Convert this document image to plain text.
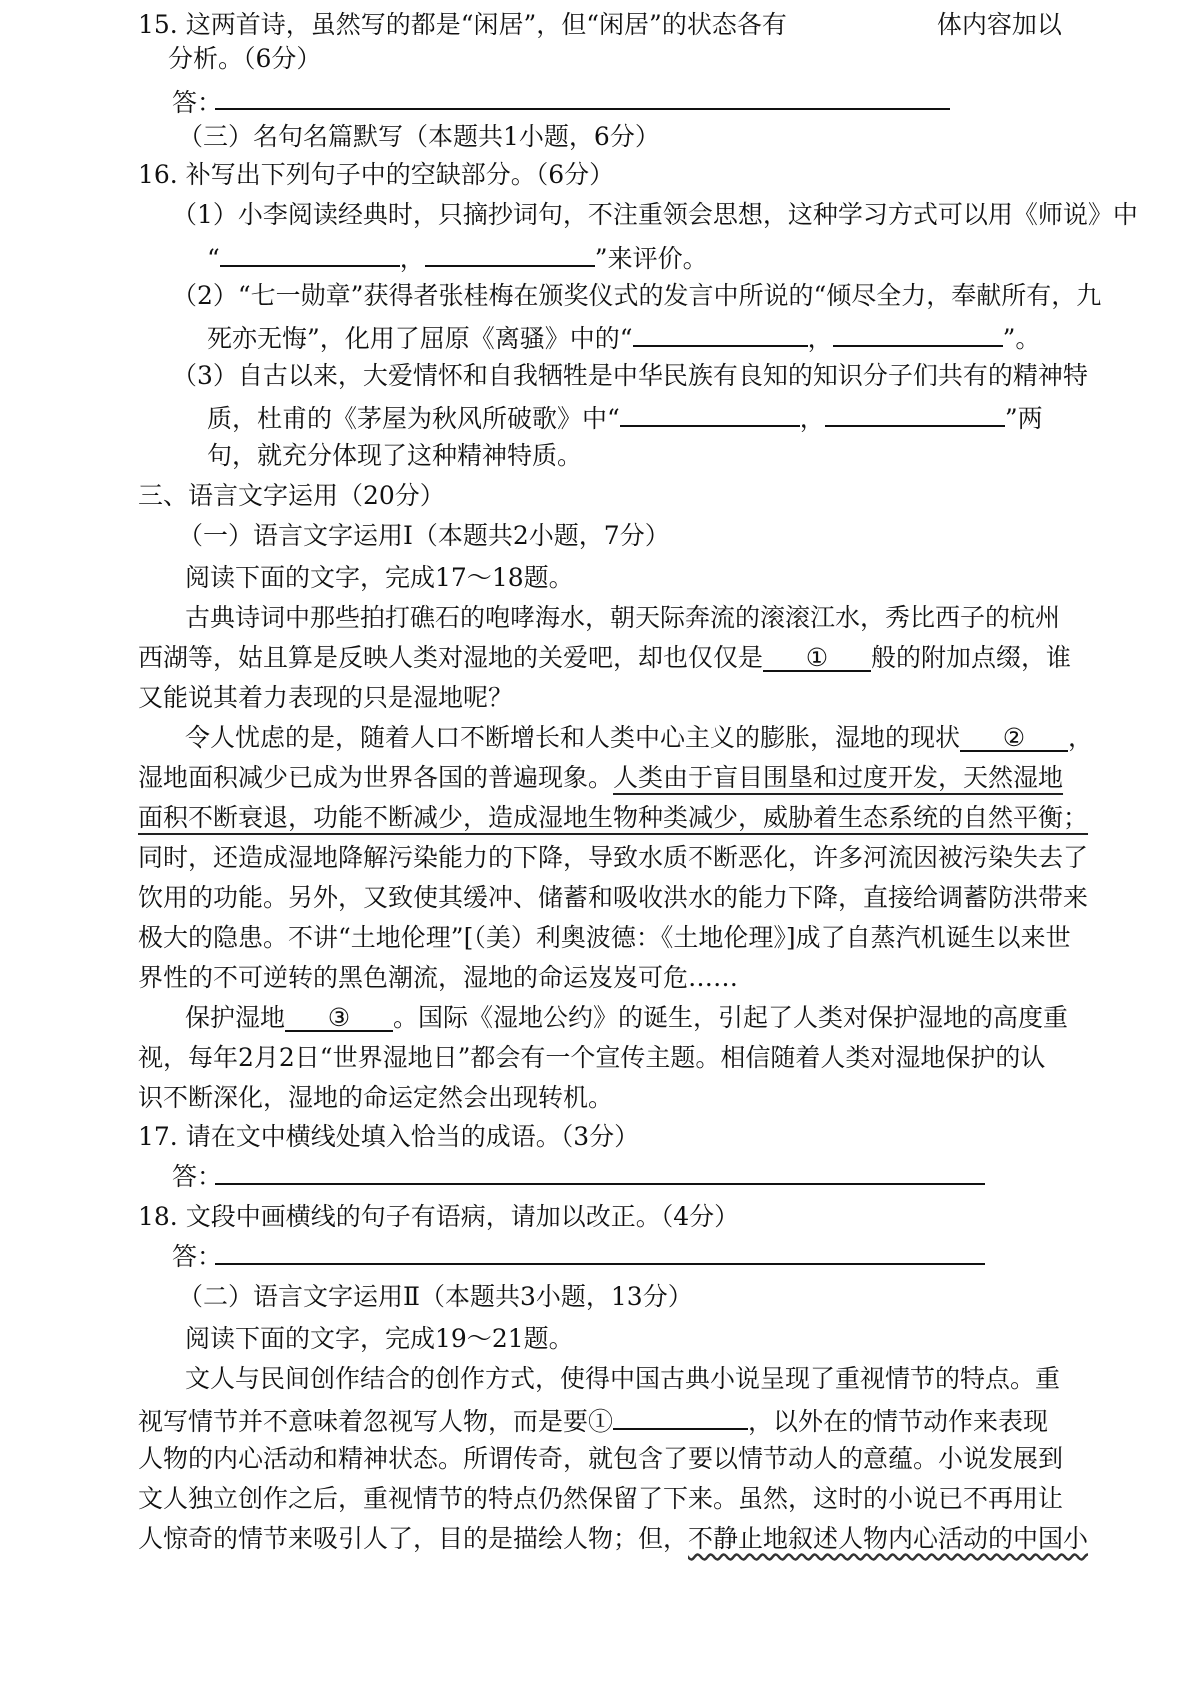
15. 这两首诗，虽然写的都是“闲居”，但“闲居”的状态各有	体内容加以
分析。（6分）
答：
（三）名句名篇默写（本题共1小题，6分）
16. 补写出下列句子中的空缺部分。（6分）
（1）小李阅读经典时，只摘抄词句，不注重领会思想，这种学习方式可以用《师说》中
“	，	”来评价。
（2）“七一勋章”获得者张桂梅在颁奖仪式的发言中所说的“倾尽全力，奉献所有，九
死亦无悔”，化用了屈原《离骚》中的“	，	”。
（3）自古以来，大爱情怀和自我牺牲是中华民族有良知的知识分子们共有的精神特
质，杜甫的《茅屋为秋风所破歌》中“	，	”两
句，就充分体现了这种精神特质。
三、语言文字运用（20分）
（一）语言文字运用Ⅰ（本题共2小题，7分）
阅读下面的文字，完成17～18题。
古典诗词中那些拍打礁石的咆哮海水，朝天际奔流的滚滚江水，秀比西子的杭州
西湖等，姑且算是反映人类对湿地的关爱吧，却也仅仅是 ① 般的附加点缀，谁
又能说其着力表现的只是湿地呢？
令人忧虑的是，随着人口不断增长和人类中心主义的膨胀，湿地的现状 ② ，
湿地面积减少已成为世界各国的普遍现象。人类由于盲目围垦和过度开发，天然湿地
面积不断衰退，功能不断减少，造成湿地生物种类减少，威胁着生态系统的自然平衡；
同时，还造成湿地降解污染能力的下降，导致水质不断恶化，许多河流因被污染失去了
饮用的功能。另外，又致使其缓冲、储蓄和吸收洪水的能力下降，直接给调蓄防洪带来
极大的隐患。不讲“土地伦理”[（美）利奥波德：《土地伦理》]成了自蒸汽机诞生以来世
界性的不可逆转的黑色潮流，湿地的命运岌岌可危……
保护湿地 ③ 。国际《湿地公约》的诞生，引起了人类对保护湿地的高度重
视，每年2月2日“世界湿地日”都会有一个宣传主题。相信随着人类对湿地保护的认
识不断深化，湿地的命运定然会出现转机。
17. 请在文中横线处填入恰当的成语。（3分）
答：
18. 文段中画横线的句子有语病，请加以改正。（4分）
答：
（二）语言文字运用Ⅱ（本题共3小题，13分）
阅读下面的文字，完成19～21题。
文人与民间创作结合的创作方式，使得中国古典小说呈现了重视情节的特点。重
视写情节并不意味着忽视写人物，而是要①	，以外在的情节动作来表现
人物的内心活动和精神状态。所谓传奇，就包含了要以情节动人的意蕴。小说发展到
文人独立创作之后，重视情节的特点仍然保留了下来。虽然，这时的小说已不再用让
人惊奇的情节来吸引人了，目的是描绘人物；但，不静止地叙述人物内心活动的中国小
